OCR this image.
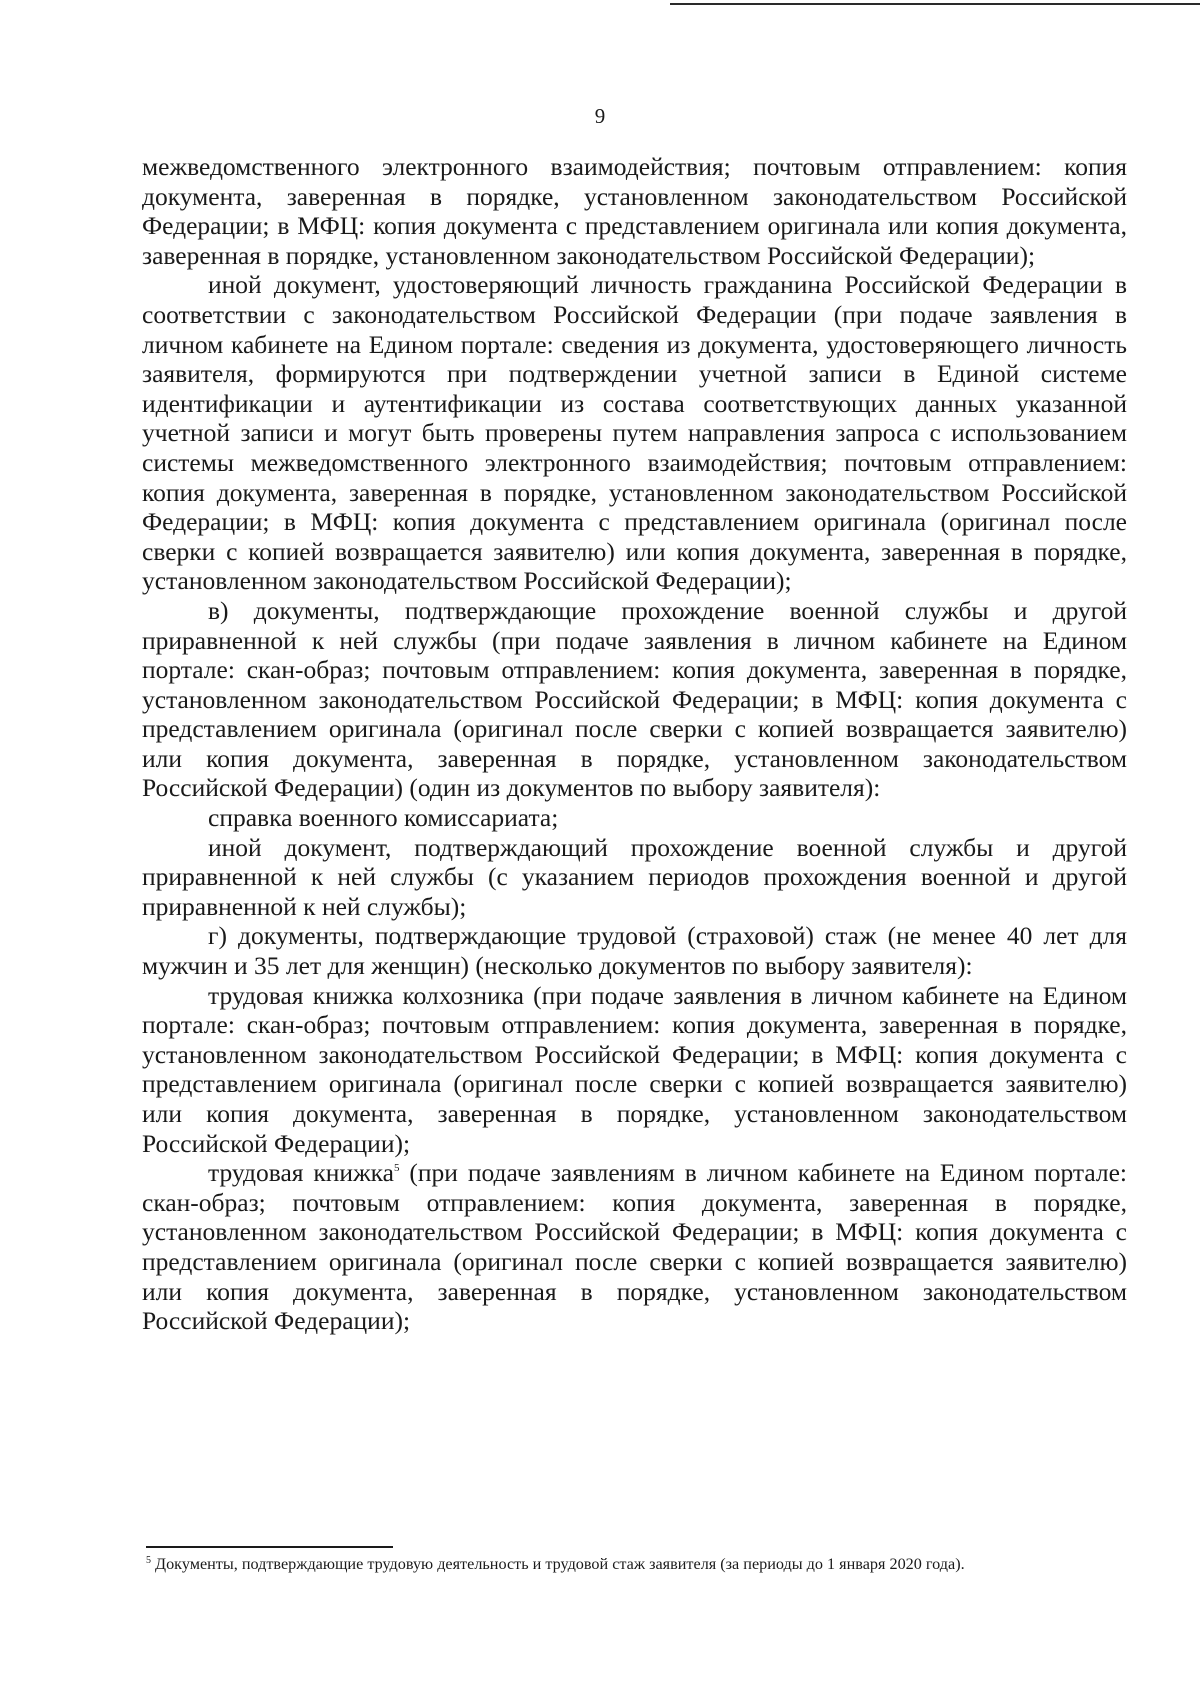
9

межведомственного электронного взаимодействия; почтовым отправлением: копия документа, заверенная в порядке, установленном законодательством Российской Федерации; в МФЦ: копия документа с представлением оригинала или копия документа, заверенная в порядке, установленном законодательством Российской Федерации);

иной документ, удостоверяющий личность гражданина Российской Федерации в соответствии с законодательством Российской Федерации (при подаче заявления в личном кабинете на Едином портале: сведения из документа, удостоверяющего личность заявителя, формируются при подтверждении учетной записи в Единой системе идентификации и аутентификации из состава соответствующих данных указанной учетной записи и могут быть проверены путем направления запроса с использованием системы межведомственного электронного взаимодействия; почтовым отправлением: копия документа, заверенная в порядке, установленном законодательством Российской Федерации; в МФЦ: копия документа с представлением оригинала (оригинал после сверки с копией возвращается заявителю) или копия документа, заверенная в порядке, установленном законодательством Российской Федерации);

в) документы, подтверждающие прохождение военной службы и другой приравненной к ней службы (при подаче заявления в личном кабинете на Едином портале: скан-образ; почтовым отправлением: копия документа, заверенная в порядке, установленном законодательством Российской Федерации; в МФЦ: копия документа с представлением оригинала (оригинал после сверки с копией возвращается заявителю) или копия документа, заверенная в порядке, установленном законодательством Российской Федерации) (один из документов по выбору заявителя):

справка военного комиссариата;

иной документ, подтверждающий прохождение военной службы и другой приравненной к ней службы (с указанием периодов прохождения военной и другой приравненной к ней службы);

г) документы, подтверждающие трудовой (страховой) стаж (не менее 40 лет для мужчин и 35 лет для женщин) (несколько документов по выбору заявителя):

трудовая книжка колхозника (при подаче заявления в личном кабинете на Едином портале: скан-образ; почтовым отправлением: копия документа, заверенная в порядке, установленном законодательством Российской Федерации; в МФЦ: копия документа с представлением оригинала (оригинал после сверки с копией возвращается заявителю) или копия документа, заверенная в порядке, установленном законодательством Российской Федерации);

трудовая книжка$^5$ (при подаче заявлениям в личном кабинете на Едином портале: скан-образ; почтовым отправлением: копия документа, заверенная в порядке, установленном законодательством Российской Федерации; в МФЦ: копия документа с представлением оригинала (оригинал после сверки с копией возвращается заявителю) или копия документа, заверенная в порядке, установленном законодательством Российской Федерации);

$^5$ Документы, подтверждающие трудовую деятельность и трудовой стаж заявителя (за периоды до 1 января 2020 года).
